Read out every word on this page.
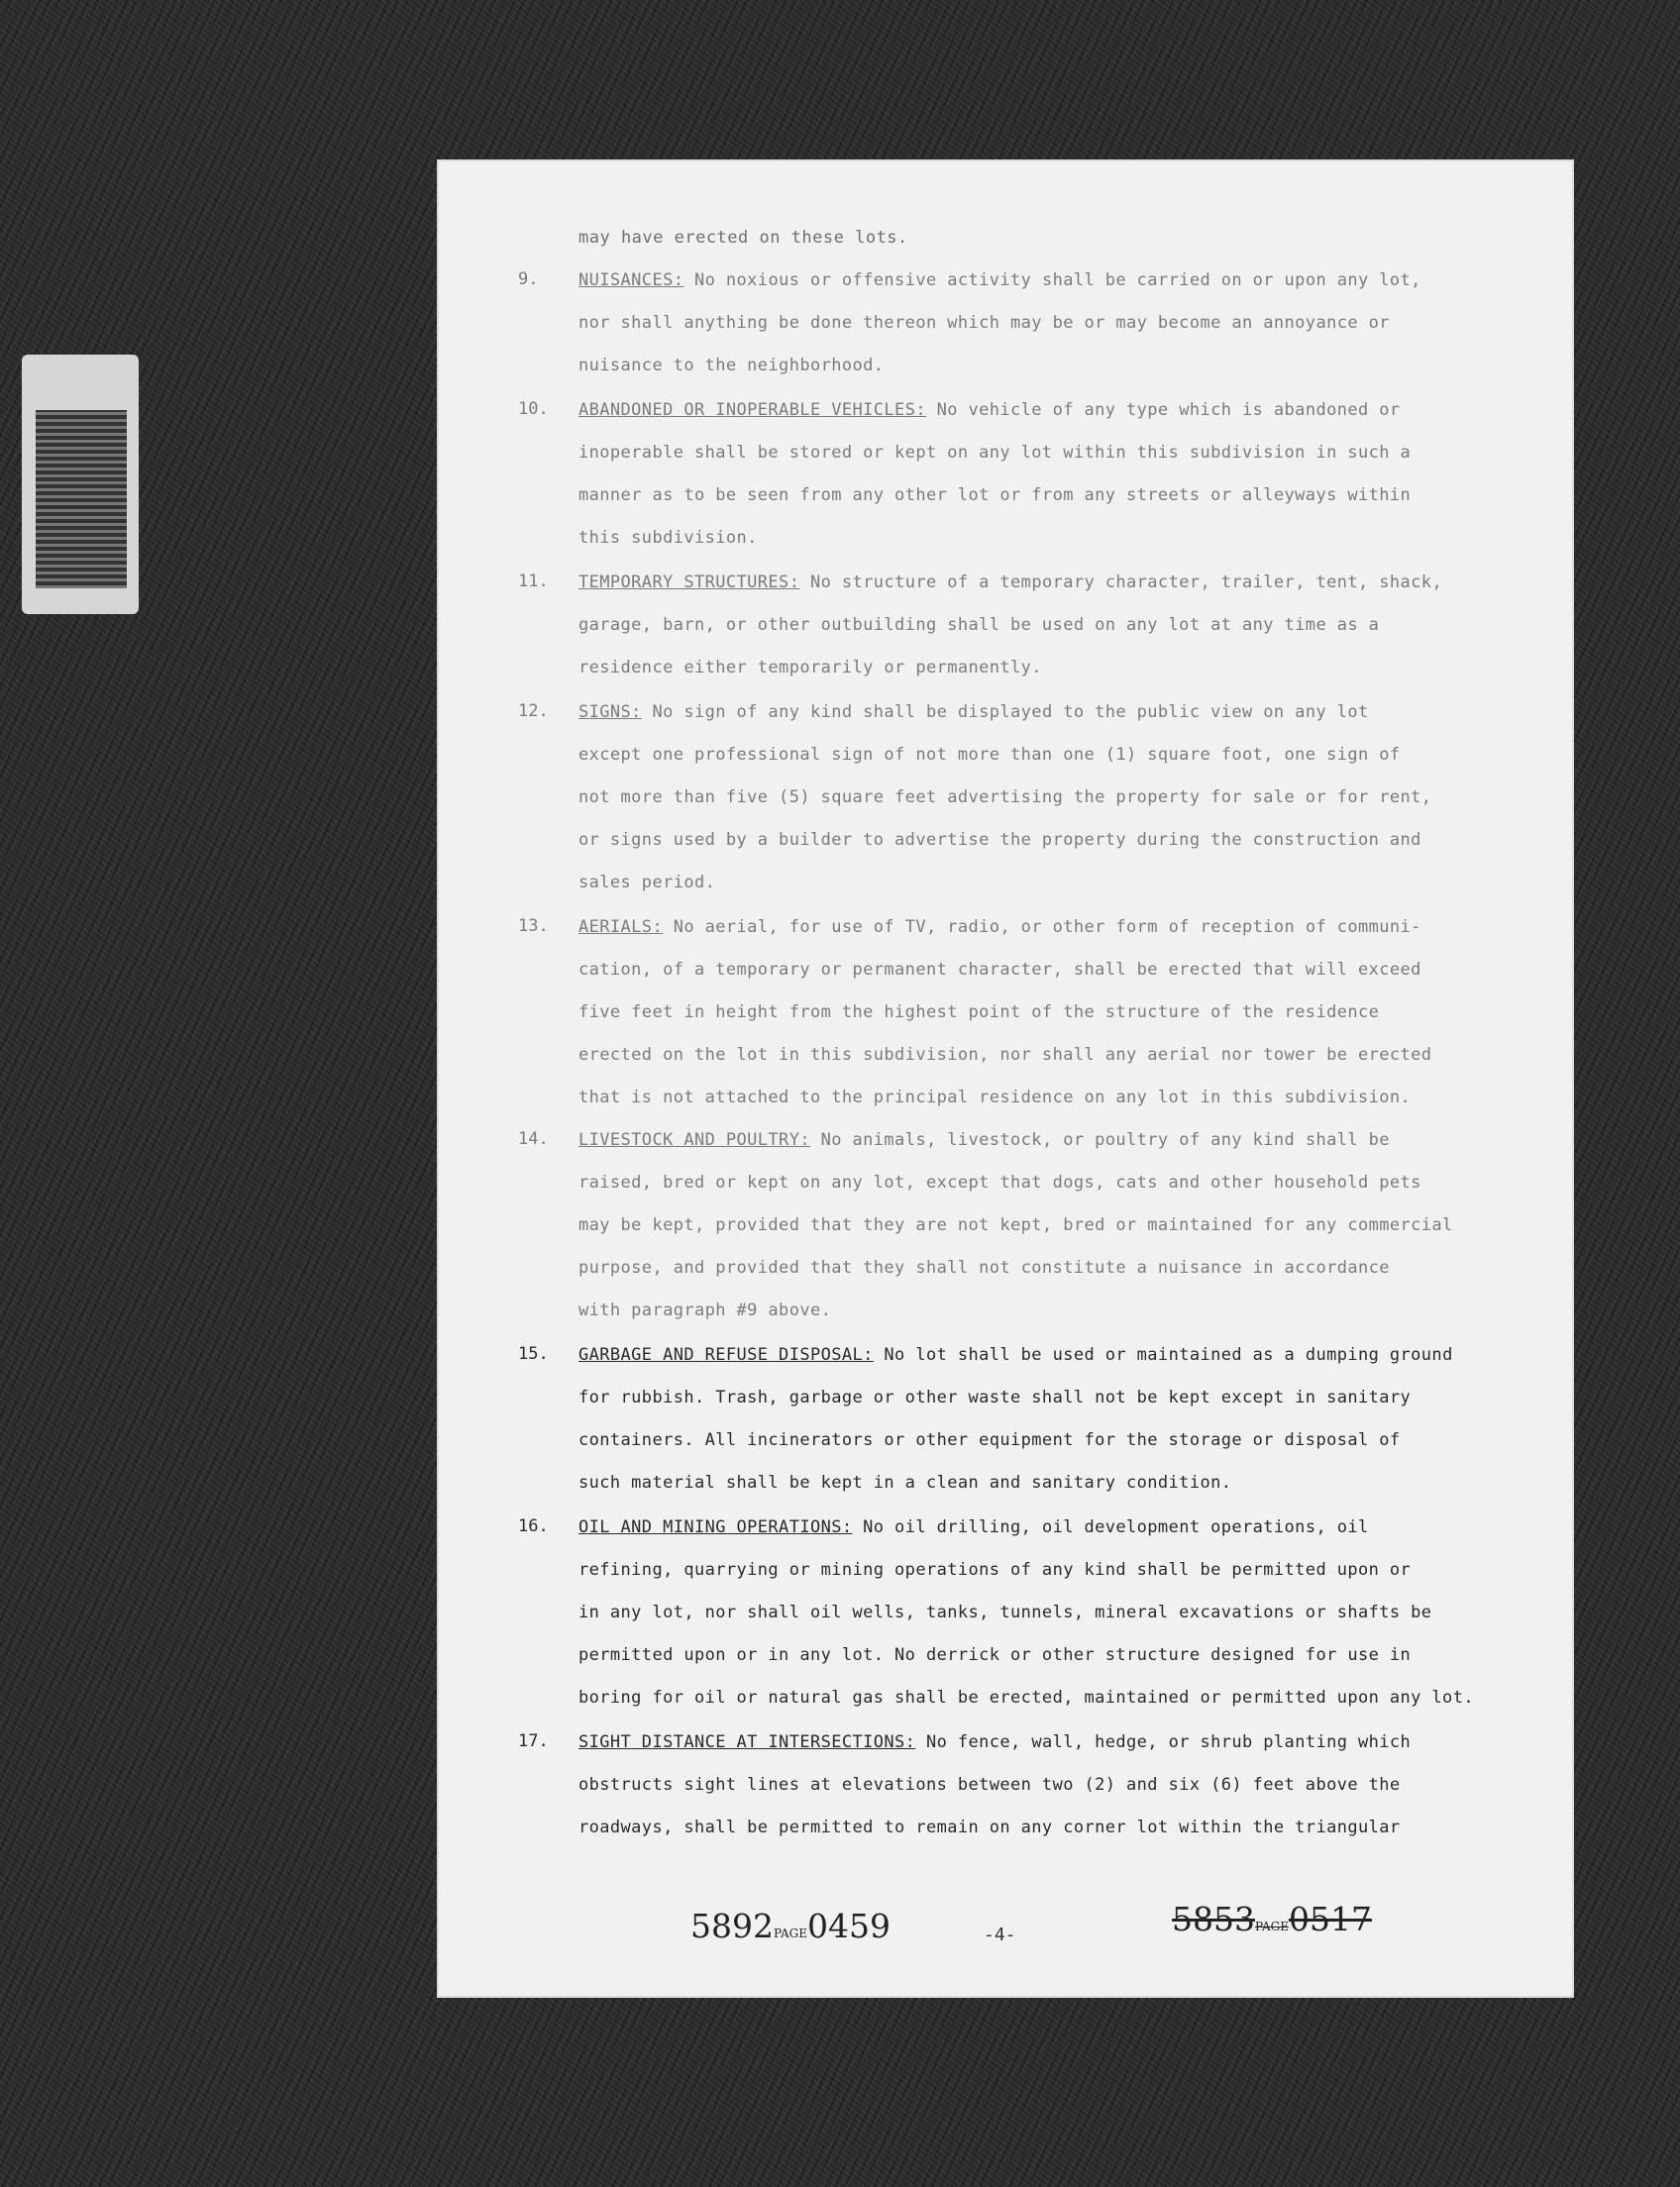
may have erected on these lots.
9.	NUISANCES: No noxious or offensive activity shall be carried on or upon any lot,
nor shall anything be done thereon which may be or may become an annoyance or
nuisance to the neighborhood.
10.	ABANDONED OR INOPERABLE VEHICLES: No vehicle of any type which is abandoned or
inoperable shall be stored or kept on any lot within this subdivision in such a
manner as to be seen from any other lot or from any streets or alleyways within
this subdivision.
11.	TEMPORARY STRUCTURES: No structure of a temporary character, trailer, tent, shack,
garage, barn, or other outbuilding shall be used on any lot at any time as a
residence either temporarily or permanently.
12.	SIGNS: No sign of any kind shall be displayed to the public view on any lot
except one professional sign of not more than one (1) square foot, one sign of
not more than five (5) square feet advertising the property for sale or for rent,
or signs used by a builder to advertise the property during the construction and
sales period.
13.	AERIALS: No aerial, for use of TV, radio, or other form of reception of communi-
cation, of a temporary or permanent character, shall be erected that will exceed
five feet in height from the highest point of the structure of the residence
erected on the lot in this subdivision, nor shall any aerial nor tower be erected
that is not attached to the principal residence on any lot in this subdivision.
14.	LIVESTOCK AND POULTRY: No animals, livestock, or poultry of any kind shall be
raised, bred or kept on any lot, except that dogs, cats and other household pets
may be kept, provided that they are not kept, bred or maintained for any commercial
purpose, and provided that they shall not constitute a nuisance in accordance
with paragraph #9 above.
15.	GARBAGE AND REFUSE DISPOSAL: No lot shall be used or maintained as a dumping ground
for rubbish. Trash, garbage or other waste shall not be kept except in sanitary
containers. All incinerators or other equipment for the storage or disposal of
such material shall be kept in a clean and sanitary condition.
16.	OIL AND MINING OPERATIONS: No oil drilling, oil development operations, oil
refining, quarrying or mining operations of any kind shall be permitted upon or
in any lot, nor shall oil wells, tanks, tunnels, mineral excavations or shafts be
permitted upon or in any lot. No derrick or other structure designed for use in
boring for oil or natural gas shall be erected, maintained or permitted upon any lot.
17.	SIGHT DISTANCE AT INTERSECTIONS: No fence, wall, hedge, or shrub planting which
obstructs sight lines at elevations between two (2) and six (6) feet above the
roadways, shall be permitted to remain on any corner lot within the triangular
5892PAGE0459	5853PAGE0517
-4-
